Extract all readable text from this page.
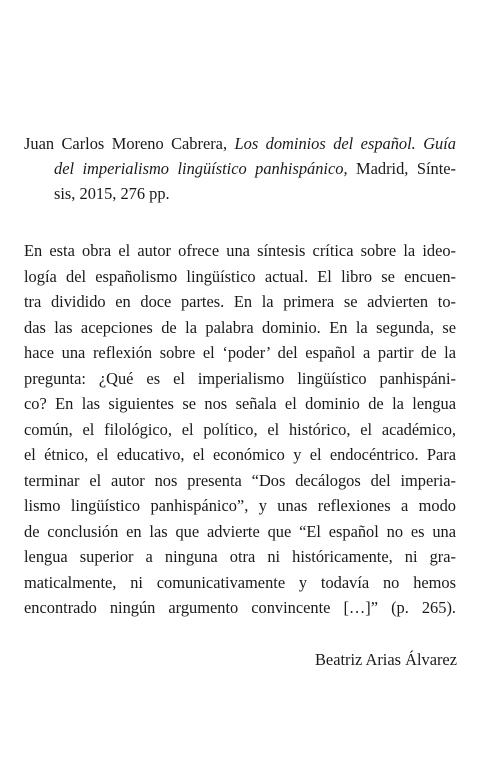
Juan Carlos Moreno Cabrera, Los dominios del español. Guía
del imperialismo lingüístico panhispánico, Madrid, Sínte-
sis, 2015, 276 pp.
En esta obra el autor ofrece una síntesis crítica sobre la ideo-
logía del españolismo lingüístico actual. El libro se encuen-
tra dividido en doce partes. En la primera se advierten to-
das las acepciones de la palabra dominio. En la segunda, se
hace una reflexión sobre el ‘poder’ del español a partir de la
pregunta: ¿Qué es el imperialismo lingüístico panhispáni-
co? En las siguientes se nos señala el dominio de la lengua
común, el filológico, el político, el histórico, el académico,
el étnico, el educativo, el económico y el endocéntrico. Para
terminar el autor nos presenta “Dos decálogos del imperia-
lismo lingüístico panhispánico”, y unas reflexiones a modo
de conclusión en las que advierte que “El español no es una
lengua superior a ninguna otra ni históricamente, ni gra-
maticalmente, ni comunicativamente y todavía no hemos
encontrado ningún argumento convincente […]” (p. 265).
Beatriz Arias Álvarez
